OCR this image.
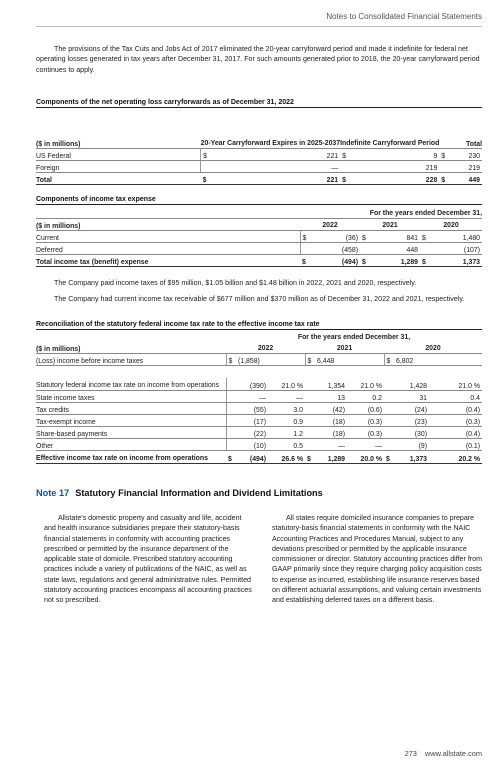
Notes to Consolidated Financial Statements

The provisions of the Tax Cuts and Jobs Act of 2017 eliminated the 20-year carryforward period and made it indefinite for federal net operating losses generated in tax years after December 31, 2017. For such amounts generated prior to 2018, the 20-year carryforward period continues to apply.

Components of the net operating loss carryforwards as of December 31, 2022
($ in millions)	20-Year Carryforward Expires in 2025-2037		Indefinite Carryforward Period		Total	
US Federal	$	221	$	9	$	230
Foreign		—		219		219
Total	$	221	$	228	$	449
Components of income tax expense
	For the years ended December 31,					
($ in millions)	2022		2021		2020	
Current	$	(36)	$	841	$	1,480
Deferred		(458)		448		(107)
Total income tax (benefit) expense	$	(494)	$	1,289	$	1,373

The Company paid income taxes of $95 million, $1.05 billion and $1.48 billion in 2022, 2021 and 2020, respectively.

The Company had current income tax receivable of $677 million and $370 million as of December 31, 2022 and 2021, respectively.

Reconciliation of the statutory federal income tax rate to the effective income tax rate
	For the years ended December 31,								
($ in millions)	2022			2021			2020		
(Loss) income before income taxes	$	(1,858)		$	6,448		$	6,802	

Statutory federal income tax rate on income from operations		(390)	21.0 %		1,354	21.0 %		1,428	21.0 %
State income taxes		—	—		13	0.2		31	0.4
Tax credits		(55)	3.0		(42)	(0.6)		(24)	(0.4)
Tax-exempt income		(17)	0.9		(18)	(0.3)		(23)	(0.3)
Share-based payments		(22)	1.2		(18)	(0.3)		(30)	(0.4)
Other		(10)	0.5		—	—		(9)	(0.1)
Effective income tax rate on income from operations	$	(494)	26.6 %	$	1,289	20.0 %	$	1,373	20.2 %
Note 17 Statutory Financial Information and Dividend Limitations

Allstate's domestic property and casualty and life, accident and health insurance subsidiaries prepare their statutory-basis financial statements in conformity with accounting practices prescribed or permitted by the insurance department of the applicable state of domicile. Prescribed statutory accounting practices include a variety of publications of the NAIC, as well as state laws, regulations and general administrative rules. Permitted statutory accounting practices encompass all accounting practices not so prescribed.

All states require domiciled insurance companies to prepare statutory-basis financial statements in conformity with the NAIC Accounting Practices and Procedures Manual, subject to any deviations prescribed or permitted by the applicable insurance commissioner or director. Statutory accounting practices differ from GAAP primarily since they require charging policy acquisition costs to expense as incurred, establishing life insurance reserves based on different actuarial assumptions, and valuing certain investments and establishing deferred taxes on a different basis.

273 www.allstate.com
